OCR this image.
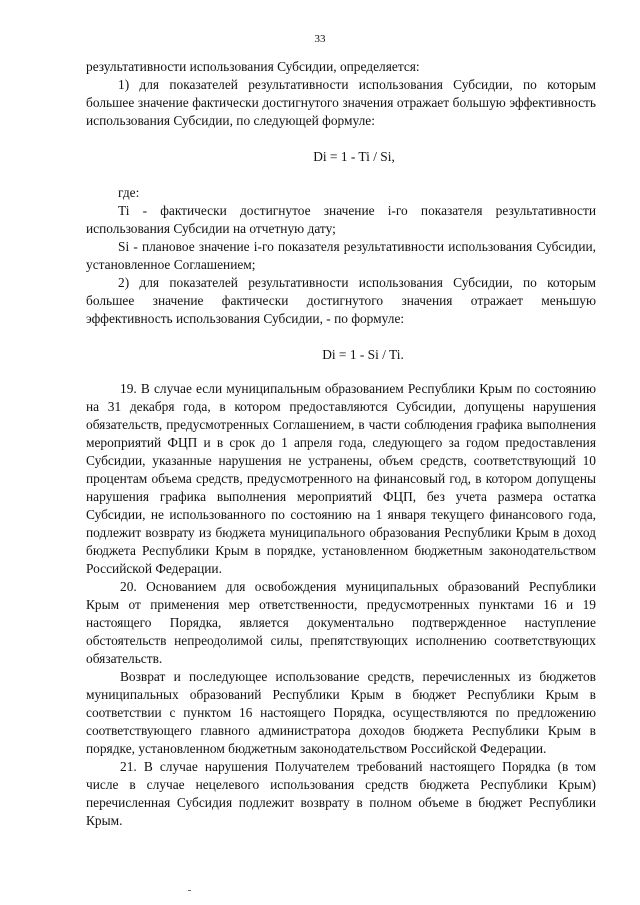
33

результативности использования Субсидии, определяется:

1) для показателей результативности использования Субсидии, по которым большее значение фактически достигнутого значения отражает большую эффективность использования Субсидии, по следующей формуле:

Di = 1 - Ti / Si,

где:

Ti - фактически достигнутое значение i-го показателя результативности использования Субсидии на отчетную дату;

Si - плановое значение i-го показателя результативности использования Субсидии, установленное Соглашением;

2) для показателей результативности использования Субсидии, по которым большее значение фактически достигнутого значения отражает меньшую эффективность использования Субсидии, - по формуле:

Di = 1 - Si / Ti.

19. В случае если муниципальным образованием Республики Крым по состоянию на 31 декабря года, в котором предоставляются Субсидии, допущены нарушения обязательств, предусмотренных Соглашением, в части соблюдения графика выполнения мероприятий ФЦП и в срок до 1 апреля года, следующего за годом предоставления Субсидии, указанные нарушения не устранены, объем средств, соответствующий 10 процентам объема средств, предусмотренного на финансовый год, в котором допущены нарушения графика выполнения мероприятий ФЦП, без учета размера остатка Субсидии, не использованного по состоянию на 1 января текущего финансового года, подлежит возврату из бюджета муниципального образования Республики Крым в доход бюджета Республики Крым в порядке, установленном бюджетным законодательством Российской Федерации.

20. Основанием для освобождения муниципальных образований Республики Крым от применения мер ответственности, предусмотренных пунктами 16 и 19 настоящего Порядка, является документально подтвержденное наступление обстоятельств непреодолимой силы, препятствующих исполнению соответствующих обязательств.

Возврат и последующее использование средств, перечисленных из бюджетов муниципальных образований Республики Крым в бюджет Республики Крым в соответствии с пунктом 16 настоящего Порядка, осуществляются по предложению соответствующего главного администратора доходов бюджета Республики Крым в порядке, установленном бюджетным законодательством Российской Федерации.

21. В случае нарушения Получателем требований настоящего Порядка (в том числе в случае нецелевого использования средств бюджета Республики Крым) перечисленная Субсидия подлежит возврату в полном объеме в бюджет Республики Крым.
